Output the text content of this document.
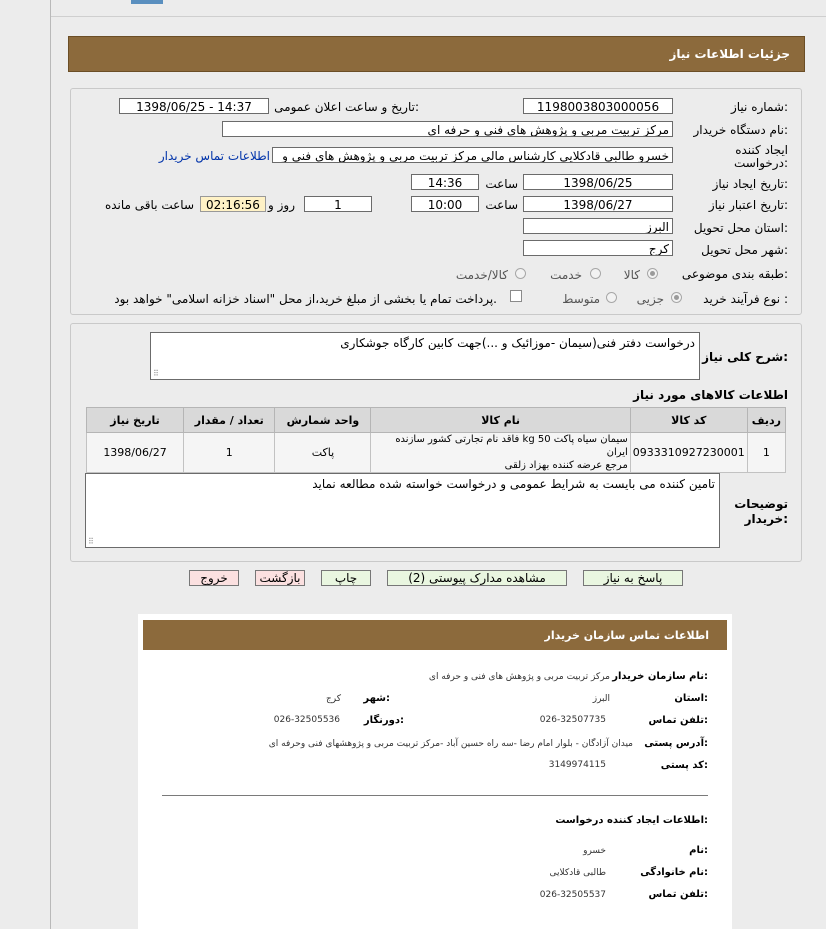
جزئیات اطلاعات نیاز
شماره نیاز:
1198003803000056
تاریخ و ساعت اعلان عمومی:
1398/06/25 - 14:37
نام دستگاه خریدار:
مرکز تربیت مربی و پژوهش های فنی و حرفه ای
ایجاد کننده
درخواست:
خسرو طالبی قادکلایی کارشناس مالی مرکز تربیت مربی و پژوهش های فنی و
اطلاعات تماس خریدار
تاریخ ایجاد نیاز:
1398/06/25
ساعت
14:36
تاریخ اعتبار نیاز:
1398/06/27
ساعت
10:00
1
روز و
02:16:56
ساعت باقی مانده
استان محل تحویل:
البرز
شهر محل تحویل:
کرج
طبقه بندی موضوعی:
کالا
خدمت
کالا/خدمت
نوع فرآیند خرید :
جزیی
متوسط
پرداخت تمام یا بخشی از مبلغ خرید،از محل "اسناد خزانه اسلامی" خواهد بود.
شرح کلی نیاز:
درخواست دفتر فنی(سیمان -موزائیک و ...)جهت کابین کارگاه جوشکاری
⠿
اطلاعات کالاهای مورد نیاز
ردیف	کد کالا	نام کالا	واحد شمارش	تعداد / مقدار	تاریخ نیاز
1	0933310927230001	سیمان سیاه پاکت 50 kg فاقد نام تجارتی کشور سازنده ایران
مرجع عرضه کننده بهزاد زلقی	پاکت	1	1398/06/27
توضیحات
خریدار:
تامین کننده می بایست به شرایط عمومی و درخواست خواسته شده مطالعه نماید
⠿
پاسخ به نیاز
مشاهده مدارک پیوستی (2)
چاپ
بازگشت
خروج
اطلاعات تماس سازمان خریدار
نام سازمان خریدار:
مرکز تربیت مربی و پژوهش های فنی و حرفه ای
استان:
البرز
شهر:
کرج
تلفن تماس:
026-32507735
دورنگار:
026-32505536
آدرس پستی:
میدان آزادگان - بلوار امام رضا -سه راه حسین آباد -مرکز تربیت مربی و پژوهشهای فنی وحرفه ای
کد پستی:
3149974115
اطلاعات ایجاد کننده درخواست:
نام:
خسرو
نام خانوادگی:
طالبی قادکلایی
تلفن تماس:
026-32505537
